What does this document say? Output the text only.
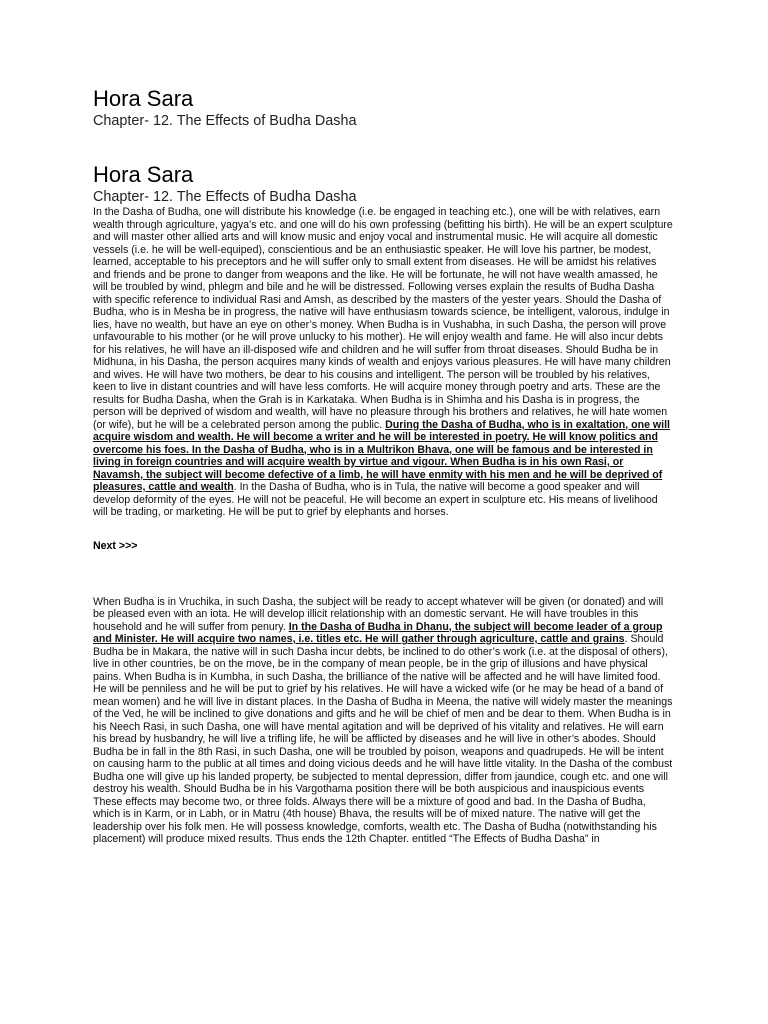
Hora Sara
Chapter- 12. The Effects of Budha Dasha
Hora Sara
Chapter- 12. The Effects of Budha Dasha

In the Dasha of Budha, one will distribute his knowledge (i.e. be engaged in teaching etc.), one will be with relatives, earn wealth through agriculture, yagya’s etc. and one will do his own professing (befitting his birth). He will be an expert sculpture and will master other allied arts and will know music and enjoy vocal and instrumental music. He will acquire all domestic vessels (i.e. he will be well-equiped), conscientious and be an enthusiastic speaker. He will love his partner, be modest, learned, acceptable to his preceptors and he will suffer only to small extent from diseases. He will be amidst his relatives and friends and be prone to danger from weapons and the like. He will be fortunate, he will not have wealth amassed, he will be troubled by wind, phlegm and bile and he will be distressed. Following verses explain the results of Budha Dasha with specific reference to individual Rasi and Amsh, as described by the masters of the yester years. Should the Dasha of Budha, who is in Mesha be in progress, the native will have enthusiasm towards science, be intelligent, valorous, indulge in lies, have no wealth, but have an eye on other’s money. When Budha is in Vushabha, in such Dasha, the person will prove unfavourable to his mother (or he will prove unlucky to his mother). He will enjoy wealth and fame. He will also incur debts for his relatives, he will have an ill-disposed wife and children and he will suffer from throat diseases. Should Budha be in Midhuna, in his Dasha, the person acquires many kinds of wealth and enjoys various pleasures. He will have many children and wives. He will have two mothers, be dear to his cousins and intelligent. The person will be troubled by his relatives, keen to live in distant countries and will have less comforts. He will acquire money through poetry and arts. These are the results for Budha Dasha, when the Grah is in Karkataka. When Budha is in Shimha and his Dasha is in progress, the person will be deprived of wisdom and wealth, will have no pleasure through his brothers and relatives, he will hate women (or wife), but he will be a celebrated person among the public. During the Dasha of Budha, who is in exaltation, one will acquire wisdom and wealth. He will become a writer and he will be interested in poetry. He will know politics and overcome his foes. In the Dasha of Budha, who is in a Multrikon Bhava, one will be famous and be interested in living in foreign countries and will acquire wealth by virtue and vigour. When Budha is in his own Rasi, or Navamsh, the subject will become defective of a limb, he will have enmity with his men and he will be deprived of pleasures, cattle and wealth. In the Dasha of Budha, who is in Tula, the native will become a good speaker and will develop deformity of the eyes. He will not be peaceful. He will become an expert in sculpture etc. His means of livelihood will be trading, or marketing. He will be put to grief by elephants and horses.

Next >>>

When Budha is in Vruchika, in such Dasha, the subject will be ready to accept whatever will be given (or donated) and will be pleased even with an iota. He will develop illicit relationship with an domestic servant. He will have troubles in this household and he will suffer from penury. In the Dasha of Budha in Dhanu, the subject will become leader of a group and Minister. He will acquire two names, i.e. titles etc. He will gather through agriculture, cattle and grains. Should Budha be in Makara, the native will in such Dasha incur debts, be inclined to do other’s work (i.e. at the disposal of others), live in other countries, be on the move, be in the company of mean people, be in the grip of illusions and have physical pains. When Budha is in Kumbha, in such Dasha, the brilliance of the native will be affected and he will have limited food. He will be penniless and he will be put to grief by his relatives. He will have a wicked wife (or he may be head of a band of mean women) and he will live in distant places. In the Dasha of Budha in Meena, the native will widely master the meanings of the Ved, he will be inclined to give donations and gifts and he will be chief of men and be dear to them. When Budha is in his Neech Rasi, in such Dasha, one will have mental agitation and will be deprived of his vitality and relatives. He will earn his bread by husbandry, he will live a trifling life, he will be afflicted by diseases and he will live in other’s abodes. Should Budha be in fall in the 8th Rasi, in such Dasha, one will be troubled by poison, weapons and quadrupeds. He will be intent on causing harm to the public at all times and doing vicious deeds and he will have little vitality. In the Dasha of the combust Budha one will give up his landed property, be subjected to mental depression, differ from jaundice, cough etc. and one will destroy his wealth. Should Budha be in his Vargothama position there will be both auspicious and inauspicious events These effects may become two, or three folds. Always there will be a mixture of good and bad. In the Dasha of Budha, which is in Karm, or in Labh, or in Matru (4th house) Bhava, the results will be of mixed nature. The native will get the leadership over his folk men. He will possess knowledge, comforts, wealth etc. The Dasha of Budha (notwithstanding his placement) will produce mixed results. Thus ends the 12th Chapter. entitled “The Effects of Budha Dasha” in
